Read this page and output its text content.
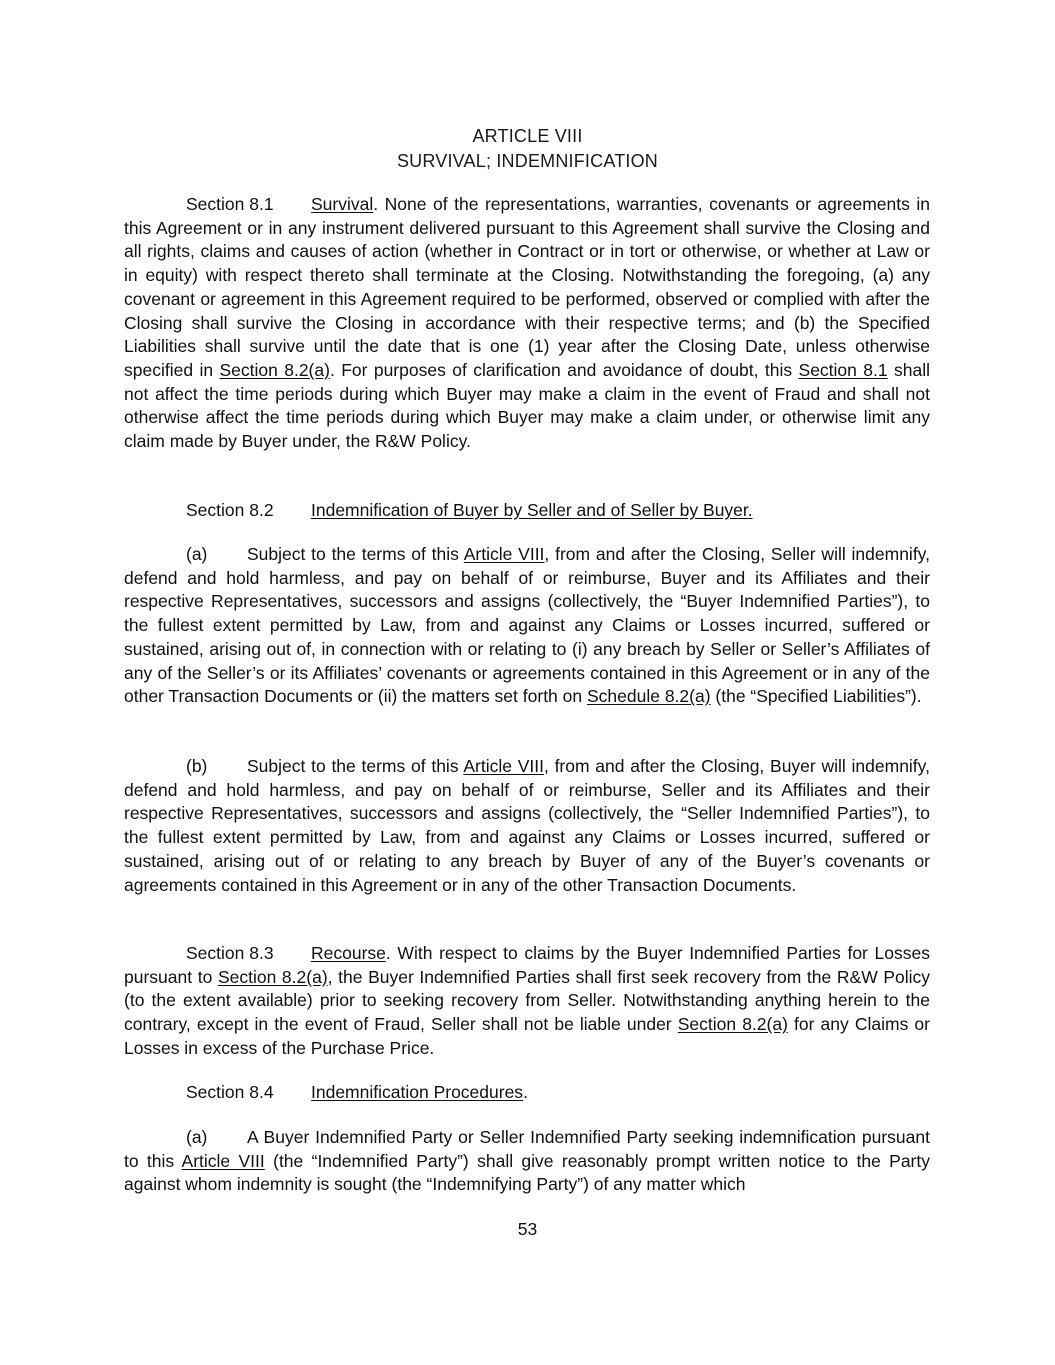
ARTICLE VIII
SURVIVAL; INDEMNIFICATION
Section 8.1 Survival. None of the representations, warranties, covenants or agreements in this Agreement or in any instrument delivered pursuant to this Agreement shall survive the Closing and all rights, claims and causes of action (whether in Contract or in tort or otherwise, or whether at Law or in equity) with respect thereto shall terminate at the Closing. Notwithstanding the foregoing, (a) any covenant or agreement in this Agreement required to be performed, observed or complied with after the Closing shall survive the Closing in accordance with their respective terms; and (b) the Specified Liabilities shall survive until the date that is one (1) year after the Closing Date, unless otherwise specified in Section 8.2(a). For purposes of clarification and avoidance of doubt, this Section 8.1 shall not affect the time periods during which Buyer may make a claim in the event of Fraud and shall not otherwise affect the time periods during which Buyer may make a claim under, or otherwise limit any claim made by Buyer under, the R&W Policy.
Section 8.2 Indemnification of Buyer by Seller and of Seller by Buyer.
(a) Subject to the terms of this Article VIII, from and after the Closing, Seller will indemnify, defend and hold harmless, and pay on behalf of or reimburse, Buyer and its Affiliates and their respective Representatives, successors and assigns (collectively, the “Buyer Indemnified Parties”), to the fullest extent permitted by Law, from and against any Claims or Losses incurred, suffered or sustained, arising out of, in connection with or relating to (i) any breach by Seller or Seller’s Affiliates of any of the Seller’s or its Affiliates’ covenants or agreements contained in this Agreement or in any of the other Transaction Documents or (ii) the matters set forth on Schedule 8.2(a) (the “Specified Liabilities”).
(b) Subject to the terms of this Article VIII, from and after the Closing, Buyer will indemnify, defend and hold harmless, and pay on behalf of or reimburse, Seller and its Affiliates and their respective Representatives, successors and assigns (collectively, the “Seller Indemnified Parties”), to the fullest extent permitted by Law, from and against any Claims or Losses incurred, suffered or sustained, arising out of or relating to any breach by Buyer of any of the Buyer’s covenants or agreements contained in this Agreement or in any of the other Transaction Documents.
Section 8.3 Recourse. With respect to claims by the Buyer Indemnified Parties for Losses pursuant to Section 8.2(a), the Buyer Indemnified Parties shall first seek recovery from the R&W Policy (to the extent available) prior to seeking recovery from Seller. Notwithstanding anything herein to the contrary, except in the event of Fraud, Seller shall not be liable under Section 8.2(a) for any Claims or Losses in excess of the Purchase Price.
Section 8.4 Indemnification Procedures.
(a) A Buyer Indemnified Party or Seller Indemnified Party seeking indemnification pursuant to this Article VIII (the “Indemnified Party”) shall give reasonably prompt written notice to the Party against whom indemnity is sought (the “Indemnifying Party”) of any matter which
53
